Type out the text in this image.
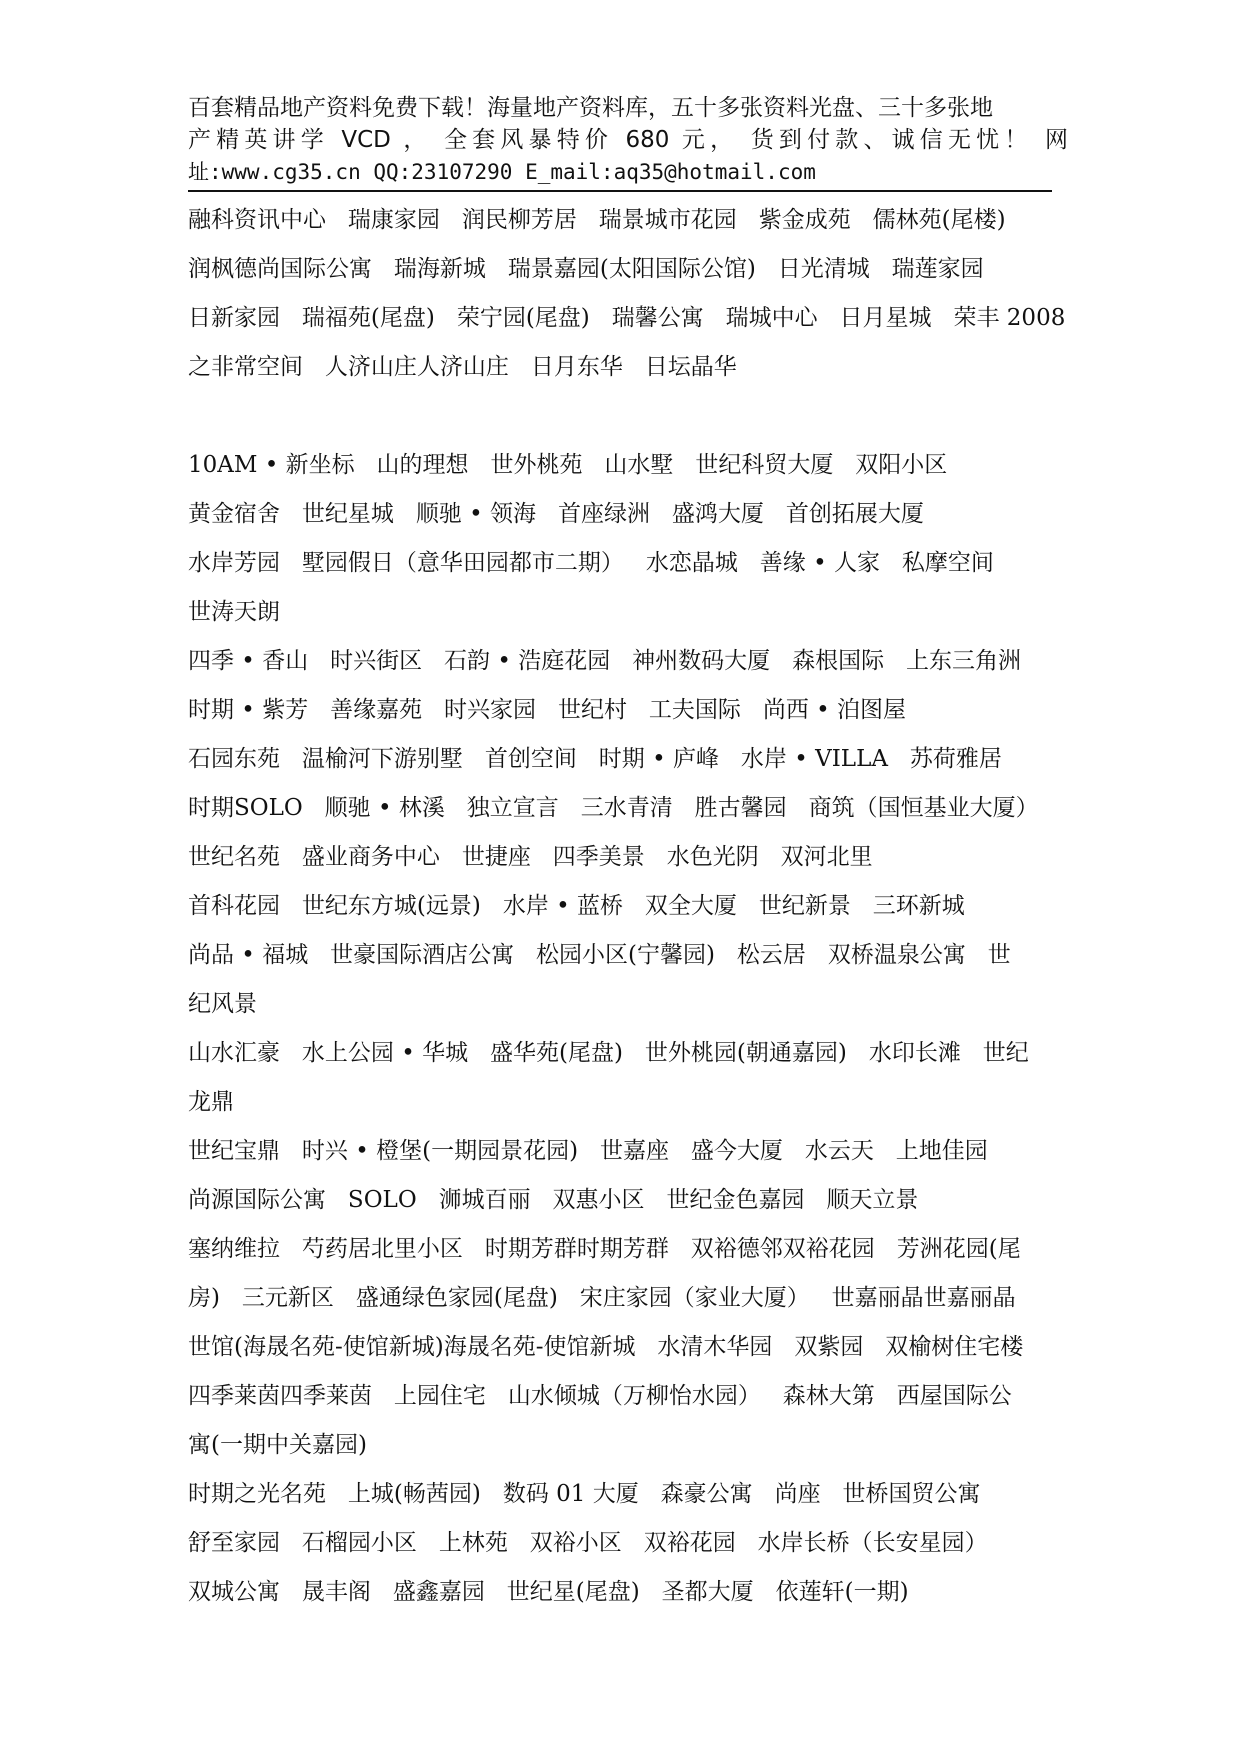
百套精品地产资料免费下载！海量地产资料库，五十多张资料光盘、三十多张地
产精英讲学 VCD ， 全套风暴特价 680 元， 货到付款、诚信无忧！ 网
址:www.cg35.cn QQ:23107290 E_mail:aq35@hotmail.com
融科资讯中心   瑞康家园   润民柳芳居   瑞景城市花园   紫金成苑   儒林苑(尾楼)
润枫德尚国际公寓   瑞海新城   瑞景嘉园(太阳国际公馆)   日光清城   瑞莲家园
日新家园   瑞福苑(尾盘)   荣宁园(尾盘)   瑞馨公寓   瑞城中心   日月星城   荣丰 2008
之非常空间   人济山庄人济山庄   日月东华   日坛晶华
10AM • 新坐标   山的理想   世外桃苑   山水墅   世纪科贸大厦   双阳小区
黄金宿舍   世纪星城   顺驰 • 领海   首座绿洲   盛鸿大厦   首创拓展大厦
水岸芳园   墅园假日（意华田园都市二期）   水恋晶城   善缘 • 人家   私摩空间
世涛天朗
四季 • 香山   时兴街区   石韵 • 浩庭花园   神州数码大厦   森根国际   上东三角洲
时期 • 紫芳   善缘嘉苑   时兴家园   世纪村   工夫国际   尚西 • 泊图屋
石园东苑   温榆河下游别墅   首创空间   时期 • 庐峰   水岸 • VILLA   苏荷雅居
时期SOLO   顺驰 • 林溪   独立宣言   三水青清   胜古馨园   商筑（国恒基业大厦）
世纪名苑   盛业商务中心   世捷座   四季美景   水色光阴   双河北里
首科花园   世纪东方城(远景)   水岸 • 蓝桥   双全大厦   世纪新景   三环新城
尚品 • 福城   世豪国际酒店公寓   松园小区(宁馨园)   松云居   双桥温泉公寓   世
纪风景
山水汇豪   水上公园 • 华城   盛华苑(尾盘)   世外桃园(朝通嘉园)   水印长滩   世纪
龙鼎
世纪宝鼎   时兴 • 橙堡(一期园景花园)   世嘉座   盛今大厦   水云天   上地佳园
尚源国际公寓   SOLO   浉城百丽   双惠小区   世纪金色嘉园   顺天立景
塞纳维拉   芍药居北里小区   时期芳群时期芳群   双裕德邻双裕花园   芳洲花园(尾
房)   三元新区   盛通绿色家园(尾盘)   宋庄家园（家业大厦）   世嘉丽晶世嘉丽晶
世馆(海晟名苑-使馆新城)海晟名苑-使馆新城   水清木华园   双紫园   双榆树住宅楼
四季莱茵四季莱茵   上园住宅   山水倾城（万柳怡水园）   森林大第   西屋国际公
寓(一期中关嘉园)
时期之光名苑   上城(畅茜园)   数码 01 大厦   森豪公寓   尚座   世桥国贸公寓
舒至家园   石榴园小区   上林苑   双裕小区   双裕花园   水岸长桥（长安星园）
双城公寓   晟丰阁   盛鑫嘉园   世纪星(尾盘)   圣都大厦   依莲轩(一期)
